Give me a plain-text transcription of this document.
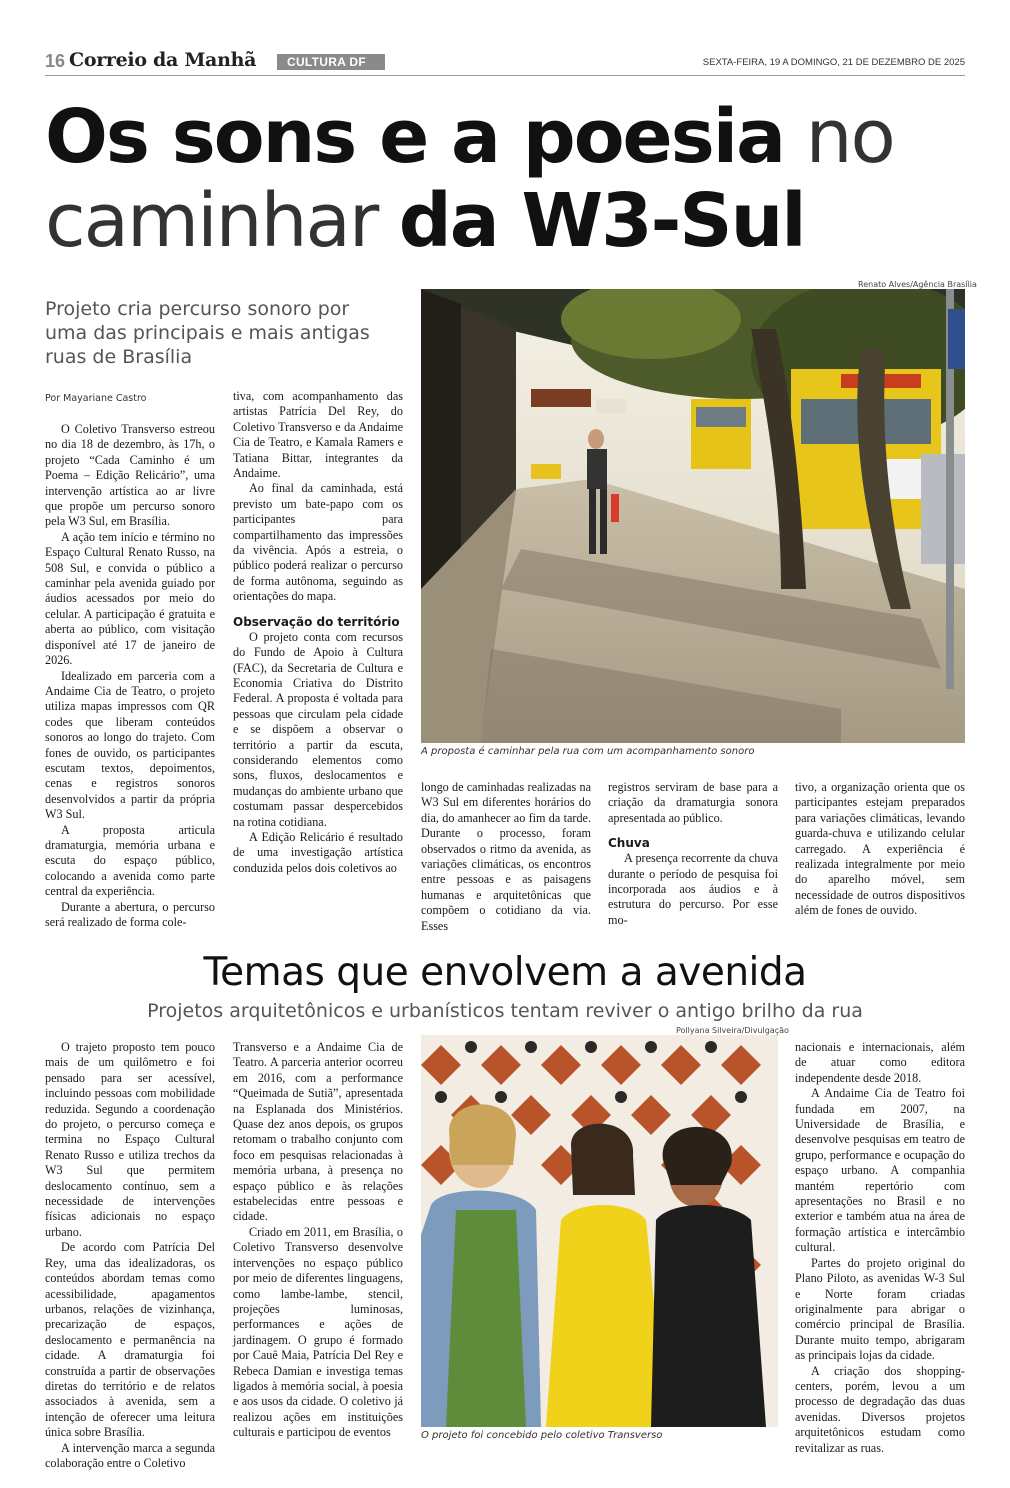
16 Correio da Manhã	CULTURA DF	SEXTA-FEIRA, 19 A DOMINGO, 21 DE DEZEMBRO DE 2025
Os sons e a poesia no
caminhar da W3-Sul
Projeto cria percurso sonoro por uma das principais e mais antigas ruas de Brasília
Por Mayariane Castro

O Coletivo Transverso estreou no dia 18 de dezembro, às 17h, o projeto “Cada Caminho é um Poema – Edição Relicário”, uma intervenção artística ao ar livre que propõe um percurso sonoro pela W3 Sul, em Brasília.

A ação tem início e término no Espaço Cultural Renato Russo, na 508 Sul, e convida o público a caminhar pela avenida guiado por áudios acessados por meio do celular. A participação é gratuita e aberta ao público, com visitação disponível até 17 de janeiro de 2026.

Idealizado em parceria com a Andaime Cia de Teatro, o projeto utiliza mapas impressos com QR codes que liberam conteúdos sonoros ao longo do trajeto. Com fones de ouvido, os participantes escutam textos, depoimentos, cenas e registros sonoros desenvolvidos a partir da própria W3 Sul.

A proposta articula dramaturgia, memória urbana e escuta do espaço público, colocando a avenida como parte central da experiência.

Durante a abertura, o percurso será realizado de forma cole-

tiva, com acompanhamento das artistas Patrícia Del Rey, do Coletivo Transverso e da Andaime Cia de Teatro, e Kamala Ramers e Tatiana Bittar, integrantes da Andaime.

Ao final da caminhada, está previsto um bate-papo com os participantes para compartilhamento das impressões da vivência. Após a estreia, o público poderá realizar o percurso de forma autônoma, seguindo as orientações do mapa.

Observação do território

O projeto conta com recursos do Fundo de Apoio à Cultura (FAC), da Secretaria de Cultura e Economia Criativa do Distrito Federal. A proposta é voltada para pessoas que circulam pela cidade e se dispõem a observar o território a partir da escuta, considerando elementos como sons, fluxos, deslocamentos e mudanças do ambiente urbano que costumam passar despercebidos na rotina cotidiana.

A Edição Relicário é resultado de uma investigação artística conduzida pelos dois coletivos ao

Renato Alves/Agência Brasília
A proposta é caminhar pela rua com um acompanhamento sonoro

longo de caminhadas realizadas na W3 Sul em diferentes horários do dia, do amanhecer ao fim da tarde. Durante o processo, foram observados o ritmo da avenida, as variações climáticas, os encontros entre pessoas e as paisagens humanas e arquitetônicas que compõem o cotidiano da via. Esses

registros serviram de base para a criação da dramaturgia sonora apresentada ao público.

Chuva

A presença recorrente da chuva durante o período de pesquisa foi incorporada aos áudios e à estrutura do percurso. Por esse mo-

tivo, a organização orienta que os participantes estejam preparados para variações climáticas, levando guarda-chuva e utilizando celular carregado. A experiência é realizada integralmente por meio do aparelho móvel, sem necessidade de outros dispositivos além de fones de ouvido.

Temas que envolvem a avenida
Projetos arquitetônicos e urbanísticos tentam reviver o antigo brilho da rua

O trajeto proposto tem pouco mais de um quilômetro e foi pensado para ser acessível, incluindo pessoas com mobilidade reduzida. Segundo a coordenação do projeto, o percurso começa e termina no Espaço Cultural Renato Russo e utiliza trechos da W3 Sul que permitem deslocamento contínuo, sem a necessidade de intervenções físicas adicionais no espaço urbano.

De acordo com Patrícia Del Rey, uma das idealizadoras, os conteúdos abordam temas como acessibilidade, apagamentos urbanos, relações de vizinhança, precarização de espaços, deslocamento e permanência na cidade. A dramaturgia foi construída a partir de observações diretas do território e de relatos associados à avenida, sem a intenção de oferecer uma leitura única sobre Brasília.

A intervenção marca a segunda colaboração entre o Coletivo

Transverso e a Andaime Cia de Teatro. A parceria anterior ocorreu em 2016, com a performance “Queimada de Sutiã”, apresentada na Esplanada dos Ministérios. Quase dez anos depois, os grupos retomam o trabalho conjunto com foco em pesquisas relacionadas à memória urbana, à presença no espaço público e às relações estabelecidas entre pessoas e cidade.

Criado em 2011, em Brasília, o Coletivo Transverso desenvolve intervenções no espaço público por meio de diferentes linguagens, como lambe-lambe, stencil, projeções luminosas, performances e ações de jardinagem. O grupo é formado por Cauê Maia, Patrícia Del Rey e Rebeca Damian e investiga temas ligados à memória social, à poesia e aos usos da cidade. O coletivo já realizou ações em instituições culturais e participou de eventos

Pollyana Silveira/Divulgação
O projeto foi concebido pelo coletivo Transverso

nacionais e internacionais, além de atuar como editora independente desde 2018.

A Andaime Cia de Teatro foi fundada em 2007, na Universidade de Brasília, e desenvolve pesquisas em teatro de grupo, performance e ocupação do espaço urbano. A companhia mantém repertório com apresentações no Brasil e no exterior e também atua na área de formação artística e intercâmbio cultural.

Partes do projeto original do Plano Piloto, as avenidas W-3 Sul e Norte foram criadas originalmente para abrigar o comércio principal de Brasília. Durante muito tempo, abrigaram as principais lojas da cidade.

A criação dos shopping-centers, porém, levou a um processo de degradação das duas avenidas. Diversos projetos arquitetônicos estudam como revitalizar as ruas.
